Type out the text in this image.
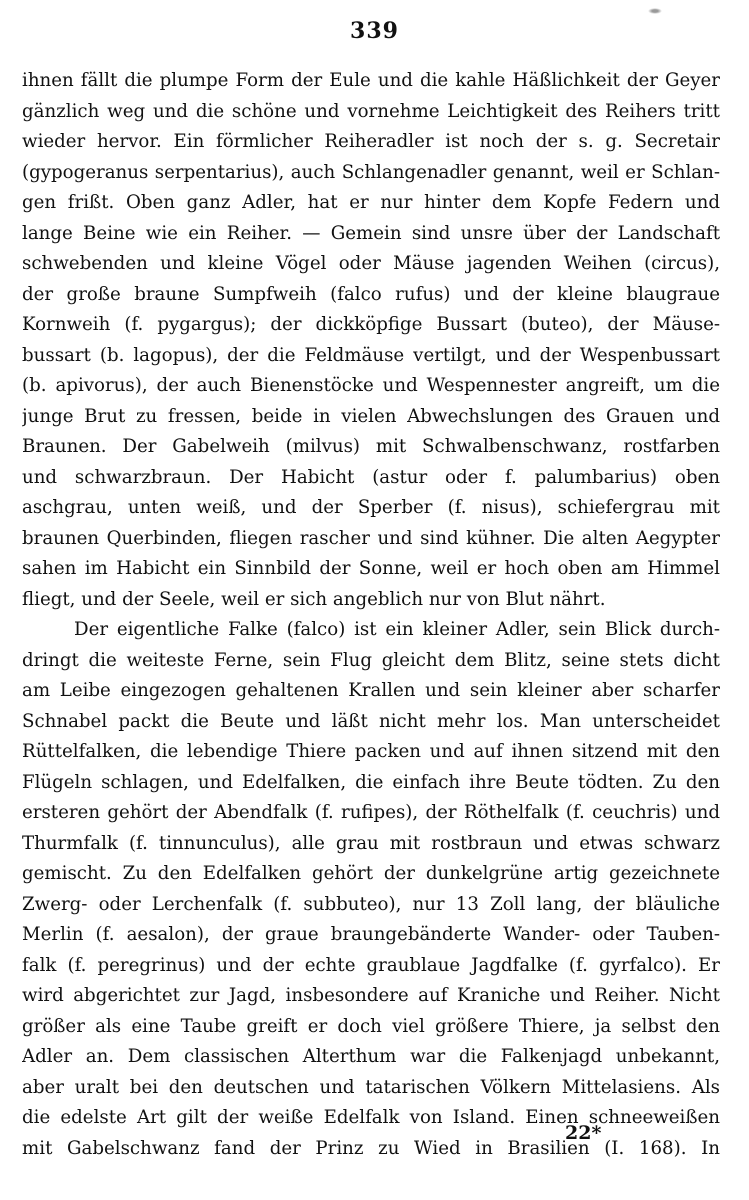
339
ihnen fällt die plumpe Form der Eule und die kahle Häßlichkeit der Geyer
gänzlich weg und die schöne und vornehme Leichtigkeit des Reihers tritt
wieder hervor. Ein förmlicher Reiheradler ist noch der s. g. Secretair
(gypogeranus serpentarius), auch Schlangenadler genannt, weil er Schlan-
gen frißt. Oben ganz Adler, hat er nur hinter dem Kopfe Federn und
lange Beine wie ein Reiher. — Gemein sind unsre über der Landschaft
schwebenden und kleine Vögel oder Mäuse jagenden Weihen (circus),
der große braune Sumpfweih (falco rufus) und der kleine blaugraue
Kornweih (f. pygargus); der dickköpfige Bussart (buteo), der Mäuse-
bussart (b. lagopus), der die Feldmäuse vertilgt, und der Wespenbussart
(b. apivorus), der auch Bienenstöcke und Wespennester angreift, um die
junge Brut zu fressen, beide in vielen Abwechslungen des Grauen und
Braunen. Der Gabelweih (milvus) mit Schwalbenschwanz, rostfarben
und schwarzbraun. Der Habicht (astur oder f. palumbarius) oben
aschgrau, unten weiß, und der Sperber (f. nisus), schiefergrau mit
braunen Querbinden, fliegen rascher und sind kühner. Die alten Aegypter
sahen im Habicht ein Sinnbild der Sonne, weil er hoch oben am Himmel
fliegt, und der Seele, weil er sich angeblich nur von Blut nährt.
Der eigentliche Falke (falco) ist ein kleiner Adler, sein Blick durch-
dringt die weiteste Ferne, sein Flug gleicht dem Blitz, seine stets dicht
am Leibe eingezogen gehaltenen Krallen und sein kleiner aber scharfer
Schnabel packt die Beute und läßt nicht mehr los. Man unterscheidet
Rüttelfalken, die lebendige Thiere packen und auf ihnen sitzend mit den
Flügeln schlagen, und Edelfalken, die einfach ihre Beute tödten. Zu den
ersteren gehört der Abendfalk (f. rufipes), der Röthelfalk (f. ceuchris) und
Thurmfalk (f. tinnunculus), alle grau mit rostbraun und etwas schwarz
gemischt. Zu den Edelfalken gehört der dunkelgrüne artig gezeichnete
Zwerg- oder Lerchenfalk (f. subbuteo), nur 13 Zoll lang, der bläuliche
Merlin (f. aesalon), der graue braungebänderte Wander- oder Tauben-
falk (f. peregrinus) und der echte graublaue Jagdfalke (f. gyrfalco). Er
wird abgerichtet zur Jagd, insbesondere auf Kraniche und Reiher. Nicht
größer als eine Taube greift er doch viel größere Thiere, ja selbst den
Adler an. Dem classischen Alterthum war die Falkenjagd unbekannt,
aber uralt bei den deutschen und tatarischen Völkern Mittelasiens. Als
die edelste Art gilt der weiße Edelfalk von Island. Einen schneeweißen
mit Gabelschwanz fand der Prinz zu Wied in Brasilien (I. 168). In
22*
